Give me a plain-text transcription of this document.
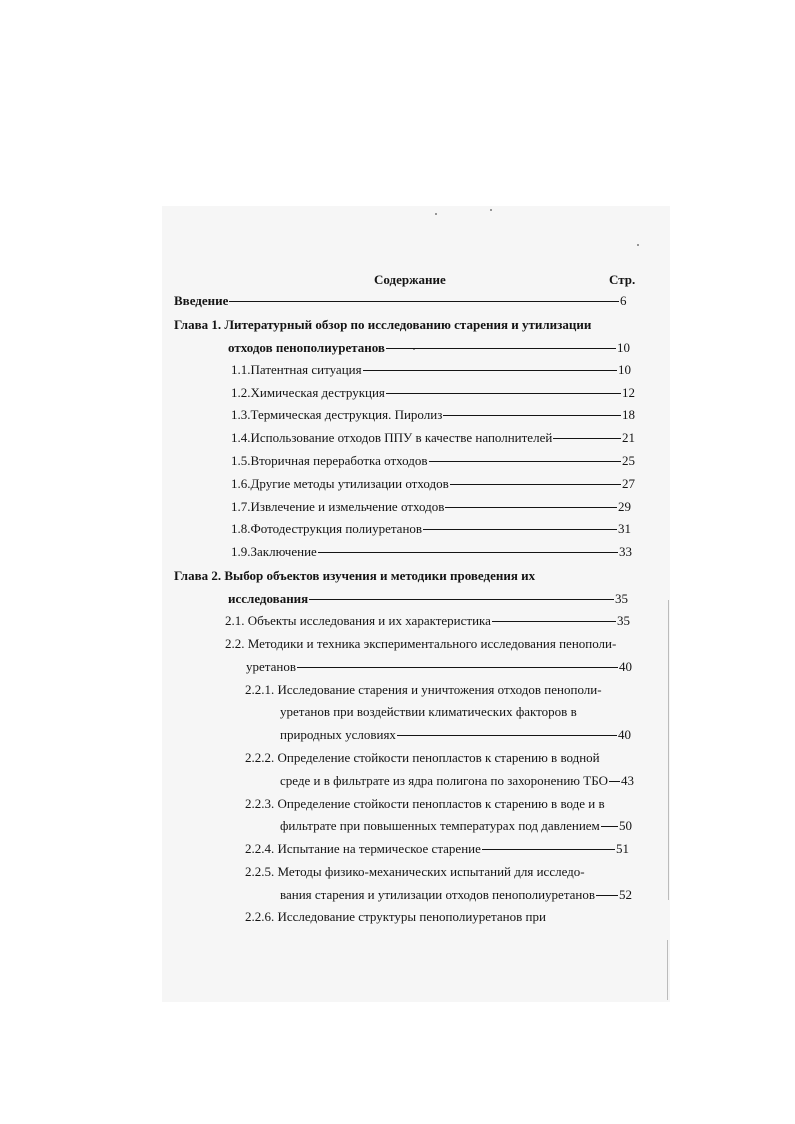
Содержание	Стр.
Введение	6
Глава 1. Литературный обзор по исследованию старения и утилизации
отходов пенополиуретанов	10
1.1.Патентная ситуация	10
1.2.Химическая деструкция	12
1.3.Термическая деструкция. Пиролиз	18
1.4.Использование отходов ППУ в качестве наполнителей	21
1.5.Вторичная переработка отходов	25
1.6.Другие методы утилизации отходов	27
1.7.Извлечение и измельчение отходов	29
1.8.Фотодеструкция полиуретанов	31
1.9.Заключение	33
Глава 2. Выбор объектов изучения и методики проведения их
исследования	35
2.1. Объекты исследования и их характеристика	35
2.2. Методики и техника экспериментального исследования пенополи-
уретанов	40
2.2.1. Исследование старения и уничтожения отходов пенополи-
уретанов при воздействии климатических факторов в
природных условиях	40
2.2.2. Определение стойкости пенопластов к старению в водной
среде и в фильтрате из ядра полигона по захоронению ТБО 43
2.2.3. Определение стойкости пенопластов к старению в воде и в
фильтрате при повышенных температурах под давлением 50
2.2.4. Испытание на термическое старение	51
2.2.5. Методы физико-механических испытаний для исследо-
вания старения и утилизации отходов пенополиуретанов 52
2.2.6. Исследование структуры пенополиуретанов при
